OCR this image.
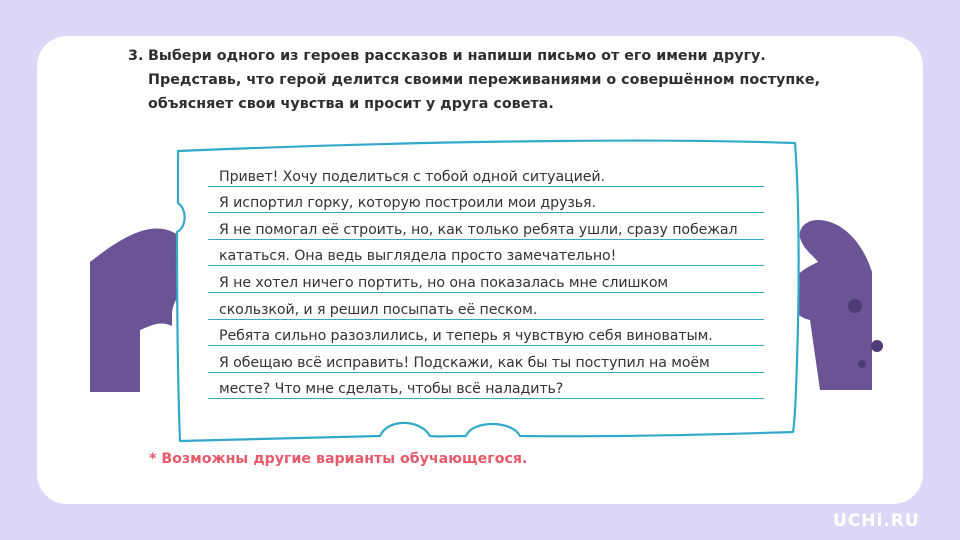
3. Выбери одного из героев рассказов и напиши письмо от его имени другу.
Представь, что герой делится своими переживаниями о совершённом поступке,
объясняет свои чувства и просит у друга совета.
Привет! Хочу поделиться с тобой одной ситуацией.
Я испортил горку, которую построили мои друзья.
Я не помогал её строить, но, как только ребята ушли, сразу побежал
кататься. Она ведь выглядела просто замечательно!
Я не хотел ничего портить, но она показалась мне слишком
скользкой, и я решил посыпать её песком.
Ребята сильно разозлились, и теперь я чувствую себя виноватым.
Я обещаю всё исправить! Подскажи, как бы ты поступил на моём
месте? Что мне сделать, чтобы всё наладить?
* Возможны другие варианты обучающегося.
UCHi.RU
